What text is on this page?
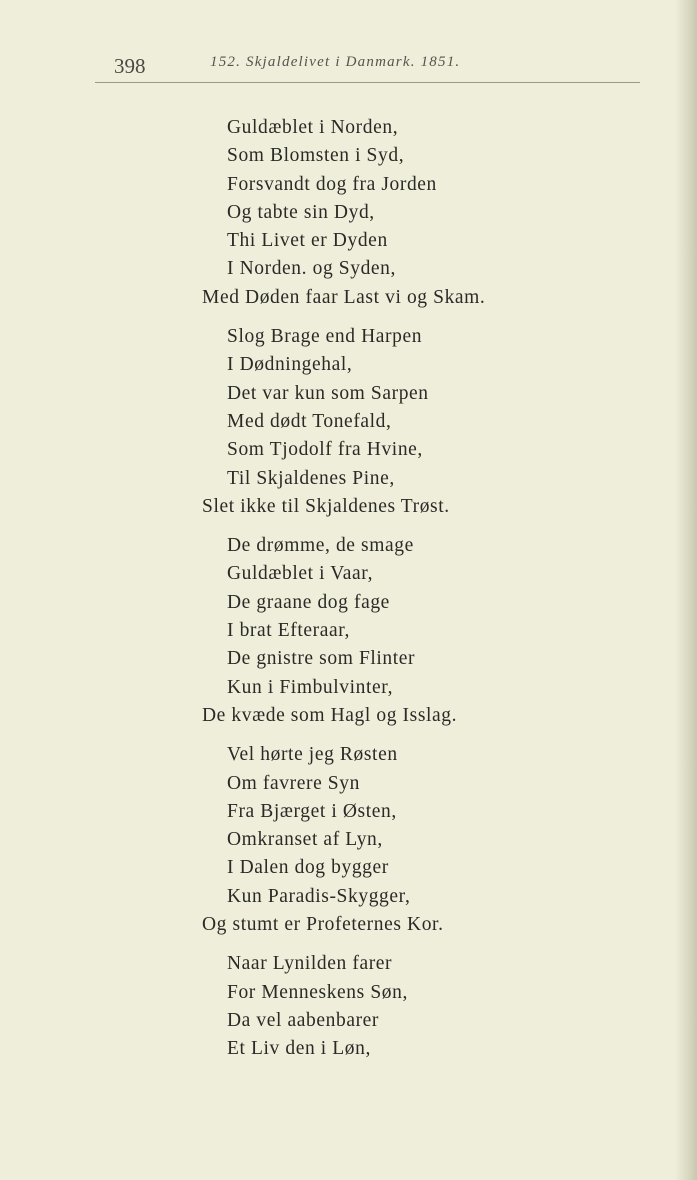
398	152. Skjaldelivet i Danmark. 1851.
Guldæblet i Norden,
Som Blomsten i Syd,
Forsvandt dog fra Jorden
Og tabte sin Dyd,
Thi Livet er Dyden
I Norden. og Syden,
Med Døden faar Last vi og Skam.
Slog Brage end Harpen
I Dødningehal,
Det var kun som Sarpen
Med dødt Tonefald,
Som Tjodolf fra Hvine,
Til Skjaldenes Pine,
Slet ikke til Skjaldenes Trøst.
De drømme, de smage
Guldæblet i Vaar,
De graane dog fage
I brat Efteraar,
De gnistre som Flinter
Kun i Fimbulvinter,
De kvæde som Hagl og Isslag.
Vel hørte jeg Røsten
Om favrere Syn
Fra Bjærget i Østen,
Omkranset af Lyn,
I Dalen dog bygger
Kun Paradis-Skygger,
Og stumt er Profeternes Kor.
Naar Lynilden farer
For Menneskens Søn,
Da vel aabenbarer
Et Liv den i Løn,
